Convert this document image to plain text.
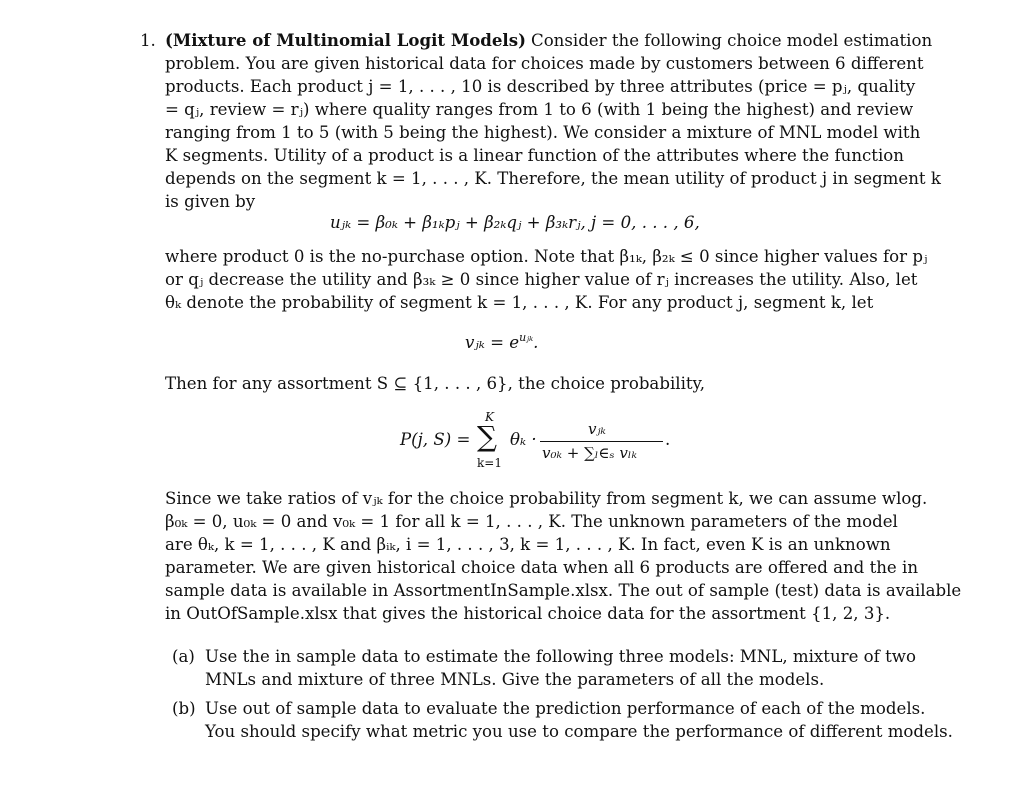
1. (Mixture of Multinomial Logit Models) Consider the following choice model estimation
problem. You are given historical data for choices made by customers between 6 different
products. Each product j = 1, . . . , 10 is described by three attributes (price = pⱼ, quality
= qⱼ, review = rⱼ) where quality ranges from 1 to 6 (with 1 being the highest) and review
ranging from 1 to 5 (with 5 being the highest). We consider a mixture of MNL model with
K segments. Utility of a product is a linear function of the attributes where the function
depends on the segment k = 1, . . . , K. Therefore, the mean utility of product j in segment k
is given by
uⱼₖ = β₀ₖ + β₁ₖpⱼ + β₂ₖqⱼ + β₃ₖrⱼ, j = 0, . . . , 6,
where product 0 is the no-purchase option. Note that β₁ₖ, β₂ₖ ≤ 0 since higher values for pⱼ
or qⱼ decrease the utility and β₃ₖ ≥ 0 since higher value of rⱼ increases the utility. Also, let
θₖ denote the probability of segment k = 1, . . . , K. For any product j, segment k, let
vⱼₖ = $e^{uⱼ_k}$.
Then for any assortment S ⊆ {1, . . . , 6}, the choice probability,
P(j, S) =
K
∑
k=1
θₖ ·
vⱼₖ
v₀ₖ + ∑ₗ∈ₛ vₗₖ
.
Since we take ratios of vⱼₖ for the choice probability from segment k, we can assume wlog.
β₀ₖ = 0, u₀ₖ = 0 and v₀ₖ = 1 for all k = 1, . . . , K. The unknown parameters of the model
are θₖ, k = 1, . . . , K and βᵢₖ, i = 1, . . . , 3, k = 1, . . . , K. In fact, even K is an unknown
parameter. We are given historical choice data when all 6 products are offered and the in
sample data is available in AssortmentInSample.xlsx. The out of sample (test) data is available
in OutOfSample.xlsx that gives the historical choice data for the assortment {1, 2, 3}.
(a) Use the in sample data to estimate the following three models: MNL, mixture of two
MNLs and mixture of three MNLs. Give the parameters of all the models.
(b) Use out of sample data to evaluate the prediction performance of each of the models.
You should specify what metric you use to compare the performance of different models.
